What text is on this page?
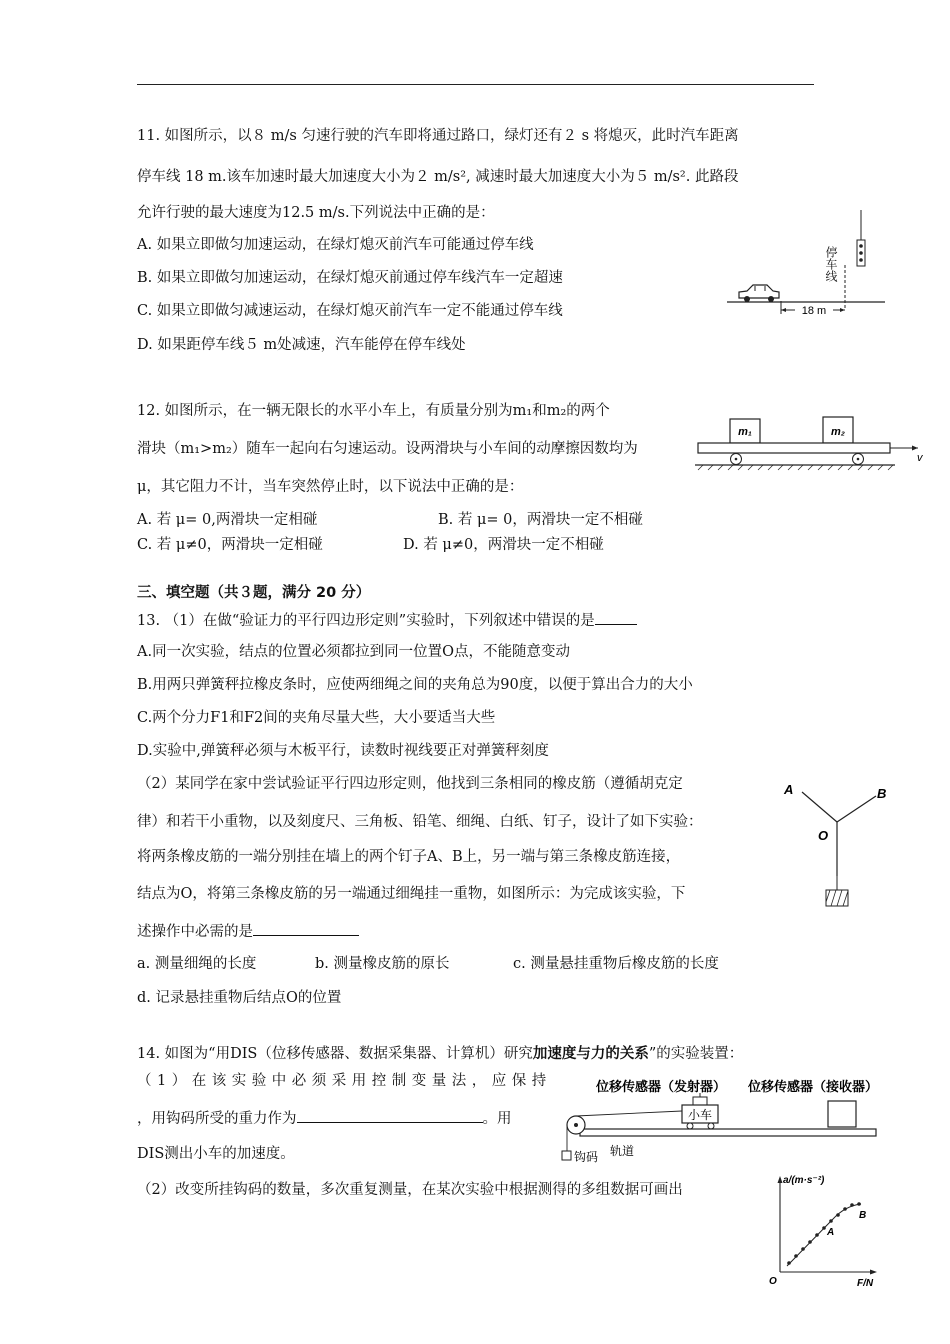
11. 如图所示，以８ m/s 匀速行驶的汽车即将通过路口，绿灯还有２ s 将熄灭，此时汽车距离
停车线 18 m.该车加速时最大加速度大小为２ m/s², 减速时最大加速度大小为５ m/s². 此路段
允许行驶的最大速度为12.5 m/s.下列说法中正确的是：
A. 如果立即做匀加速运动，在绿灯熄灭前汽车可能通过停车线
B. 如果立即做匀加速运动，在绿灯熄灭前通过停车线汽车一定超速
C. 如果立即做匀减速运动，在绿灯熄灭前汽车一定不能通过停车线
D. 如果距停车线５ m处减速，汽车能停在停车线处
18 m
停车线
12. 如图所示，在一辆无限长的水平小车上，有质量分别为m₁和m₂的两个
滑块（m₁>m₂）随车一起向右匀速运动。设两滑块与小车间的动摩擦因数均为
μ，其它阻力不计，当车突然停止时，以下说法中正确的是：
A. 若 μ= 0,两滑块一定相碰	B. 若 μ= 0，两滑块一定不相碰
C. 若 μ≠0，两滑块一定相碰	D. 若 μ≠0，两滑块一定不相碰
m₁	m₂
v
三、填空题（共３题，满分 20 分）
13. （1）在做“验证力的平行四边形定则”实验时，下列叙述中错误的是
A.同一次实验，结点的位置必须都拉到同一位置O点，不能随意变动
B.用两只弹簧秤拉橡皮条时，应使两细绳之间的夹角总为90度，以便于算出合力的大小
C.两个分力F1和F2间的夹角尽量大些，大小要适当大些
D.实验中,弹簧秤必须与木板平行，读数时视线要正对弹簧秤刻度
（2）某同学在家中尝试验证平行四边形定则，他找到三条相同的橡皮筋（遵循胡克定
律）和若干小重物，以及刻度尺、三角板、铅笔、细绳、白纸、钉子，设计了如下实验：
将两条橡皮筋的一端分别挂在墙上的两个钉子A、B上，另一端与第三条橡皮筋连接，
结点为O，将第三条橡皮筋的另一端通过细绳挂一重物，如图所示：为完成该实验，下
述操作中必需的是
a. 测量细绳的长度	b. 测量橡皮筋的原长	c. 测量悬挂重物后橡皮筋的长度
d. 记录悬挂重物后结点O的位置
A	B
O
14. 如图为“用DIS（位移传感器、数据采集器、计算机）研究加速度与力的关系”的实验装置：
（1）在该实验中必须采用控制变量法，应保持
，用钩码所受的重力作为	。用
DIS测出小车的加速度。
（2）改变所挂钩码的数量，多次重复测量，在某次实验中根据测得的多组数据可画出
位移传感器（发射器） 位移传感器（接收器）
小车
轨道
钩码
a/(m·s⁻²)
F/N
O
A
B
